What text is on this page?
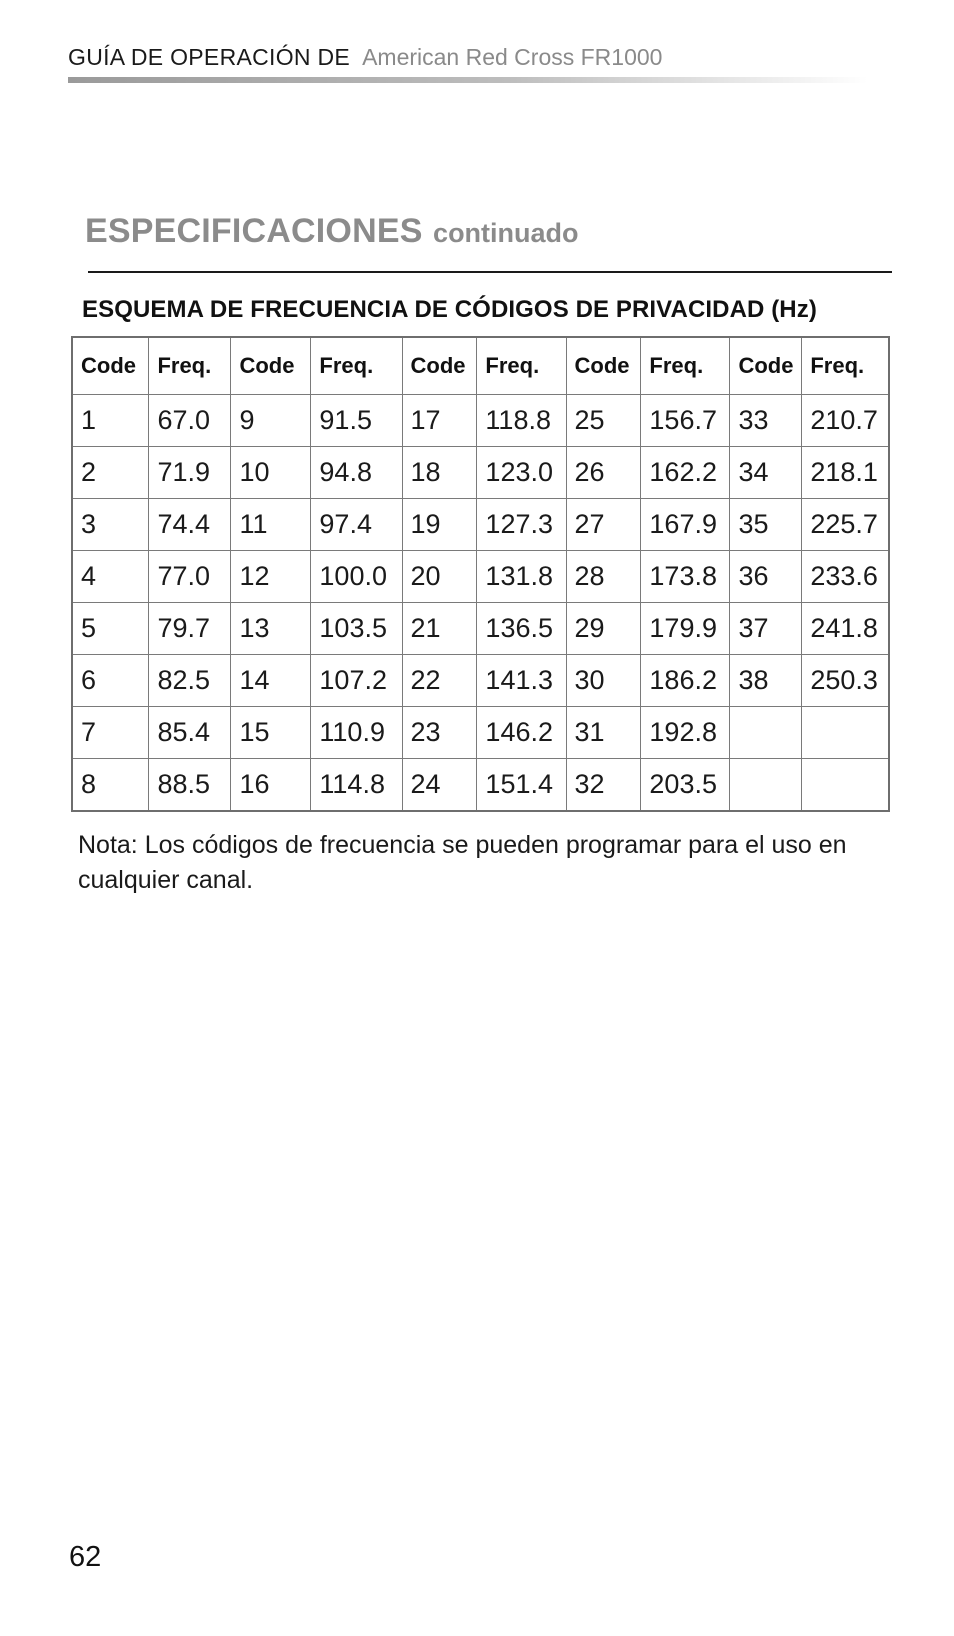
GUÍA DE OPERACIÓN DE American Red Cross FR1000
ESPECIFICACIONES continuado
ESQUEMA DE FRECUENCIA DE CÓDIGOS DE PRIVACIDAD (Hz)
Code	Freq.	Code	Freq.	Code	Freq.	Code	Freq.	Code	Freq.
1	67.0	9	91.5	17	118.8	25	156.7	33	210.7
2	71.9	10	94.8	18	123.0	26	162.2	34	218.1
3	74.4	11	97.4	19	127.3	27	167.9	35	225.7
4	77.0	12	100.0	20	131.8	28	173.8	36	233.6
5	79.7	13	103.5	21	136.5	29	179.9	37	241.8
6	82.5	14	107.2	22	141.3	30	186.2	38	250.3
7	85.4	15	110.9	23	146.2	31	192.8		
8	88.5	16	114.8	24	151.4	32	203.5		
Nota: Los códigos de frecuencia se pueden programar para el uso en cualquier canal.
62
